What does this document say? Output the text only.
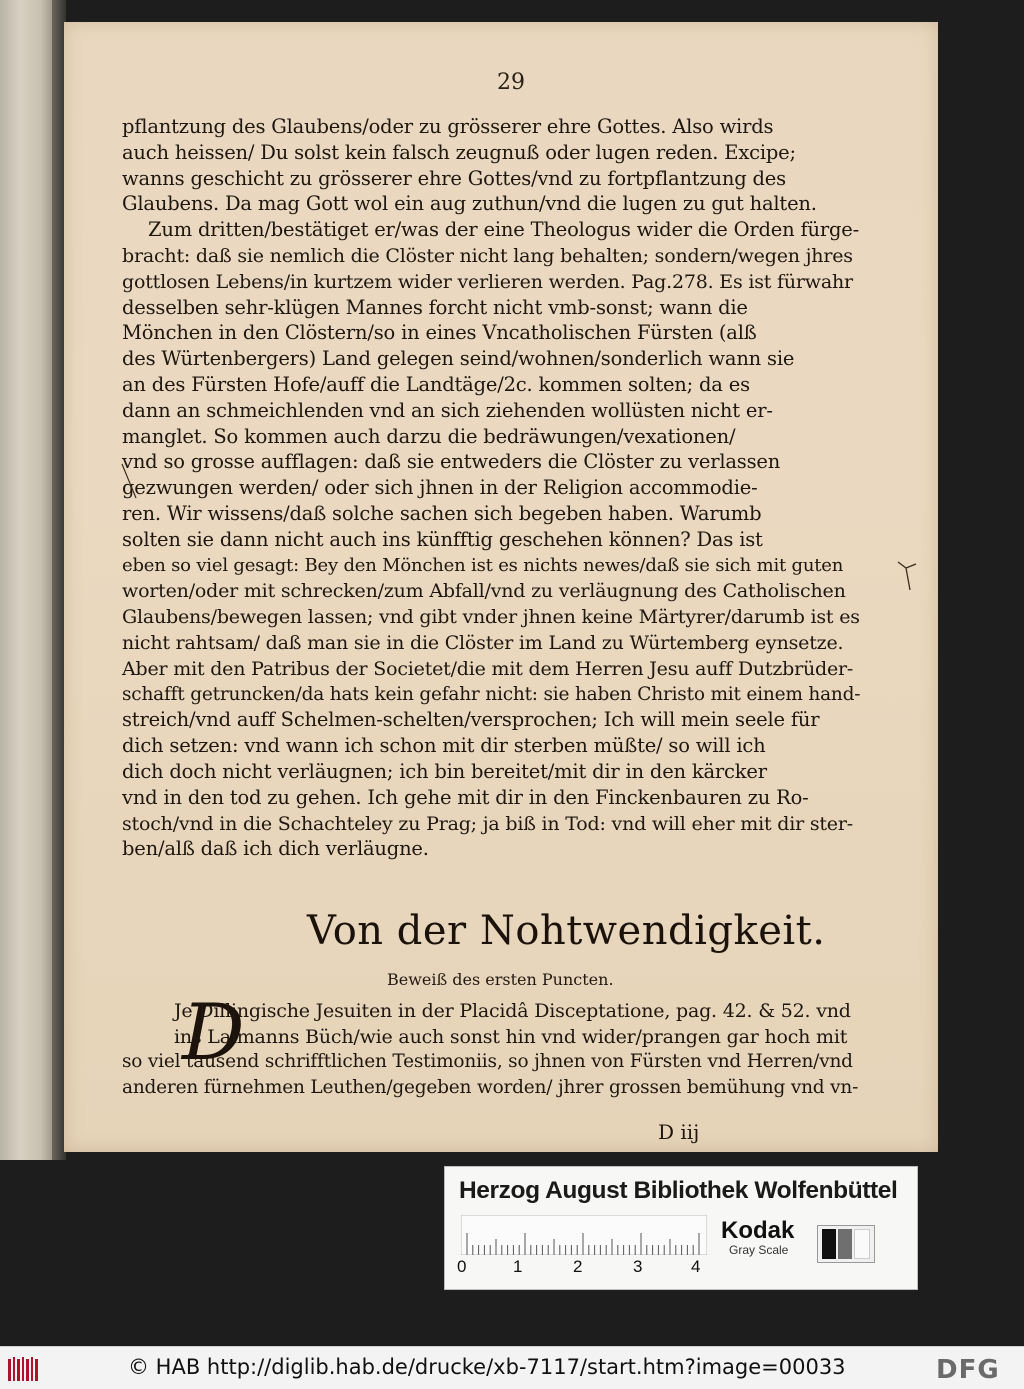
29
pflantzung des Glaubens/oder zu grösserer ehre Gottes. Also wirds
auch heissen/ Du solst kein falsch zeugnuß oder lugen reden. Excipe;
wanns geschicht zu grösserer ehre Gottes/vnd zu fortpflantzung des
Glaubens. Da mag Gott wol ein aug zuthun/vnd die lugen zu gut halten.
Zum dritten/bestätiget er/was der eine Theologus wider die Orden fürge-
bracht: daß sie nemlich die Clöster nicht lang behalten; sondern/wegen jhres
gottlosen Lebens/in kurtzem wider verlieren werden. Pag.278. Es ist fürwahr
desselben sehr-klügen Mannes forcht nicht vmb-sonst; wann die
Mönchen in den Clöstern/so in eines Vncatholischen Fürsten (alß
des Würtenbergers) Land gelegen seind/wohnen/sonderlich wann sie
an des Fürsten Hofe/auff die Landtäge/2c. kommen solten; da es
dann an schmeichlenden vnd an sich ziehenden wollüsten nicht er-
manglet. So kommen auch darzu die bedräwungen/vexationen/
vnd so grosse aufflagen: daß sie entweders die Clöster zu verlassen
gezwungen werden/ oder sich jhnen in der Religion accommodie-
ren. Wir wissens/daß solche sachen sich begeben haben. Warumb
solten sie dann nicht auch ins künfftig geschehen können? Das ist
eben so viel gesagt: Bey den Mönchen ist es nichts newes/daß sie sich mit guten
worten/oder mit schrecken/zum Abfall/vnd zu verläugnung des Catholischen
Glaubens/bewegen lassen; vnd gibt vnder jhnen keine Märtyrer/darumb ist es
nicht rahtsam/ daß man sie in die Clöster im Land zu Würtemberg eynsetze.
Aber mit den Patribus der Societet/die mit dem Herren Jesu auff Dutzbrüder-
schafft getruncken/da hats kein gefahr nicht: sie haben Christo mit einem hand-
streich/vnd auff Schelmen-schelten/versprochen; Ich will mein seele für
dich setzen: vnd wann ich schon mit dir sterben müßte/ so will ich
dich doch nicht verläugnen; ich bin bereitet/mit dir in den kärcker
vnd in den tod zu gehen. Ich gehe mit dir in den Finckenbauren zu Ro-
stoch/vnd in die Schachteley zu Prag; ja biß in Tod: vnd will eher mit dir ster-
ben/alß daß ich dich verläugne.
Von der Nohtwendigkeit.
Beweiß des ersten Puncten.
D
Je Dillingische Jesuiten in der Placidâ Disceptatione, pag. 42. & 52. vnd
ins Laimanns Büch/wie auch sonst hin vnd wider/prangen gar hoch mit
so viel tausend schrifftlichen Testimoniis, so jhnen von Fürsten vnd Herren/vnd
anderen fürnehmen Leuthen/gegeben worden/ jhrer grossen bemühung vnd vn-
D iij
Herzog August Bibliothek Wolfenbüttel
0	1	2	3	4
Kodak
Gray Scale
© HAB http://diglib.hab.de/drucke/xb-7117/start.htm?image=00033	DFG
